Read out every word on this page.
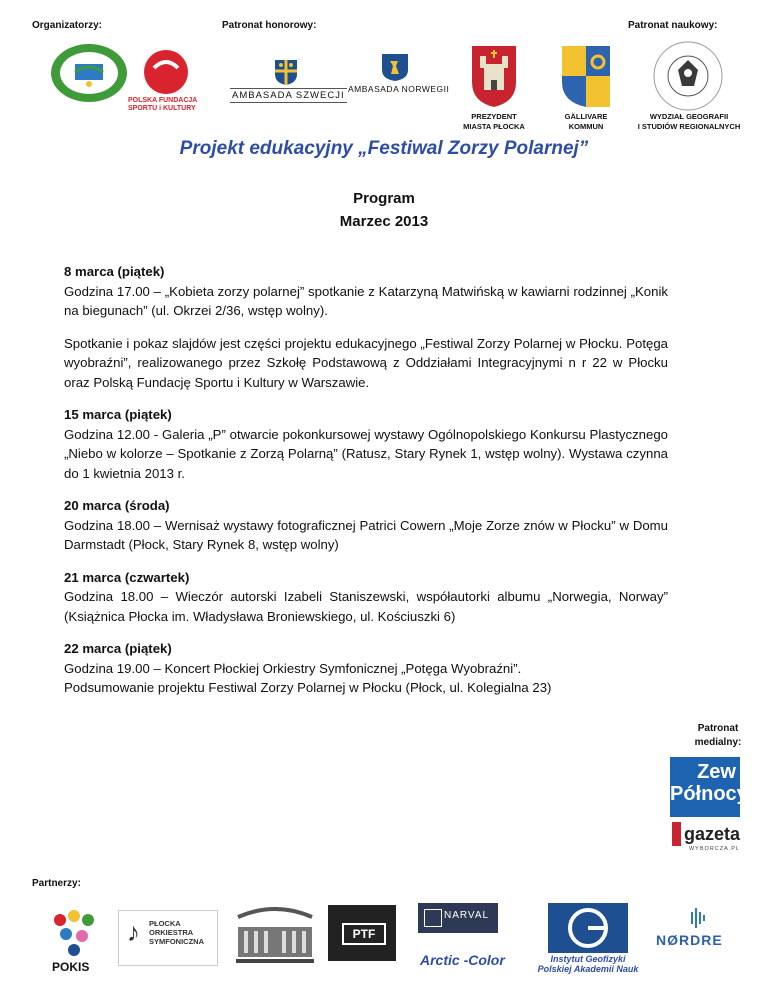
Organizatorzy:	Patronat honorowy:	Patronat naukowy:
POLSKA FUNDACJA
SPORTU i KULTURY
AMBASADA SZWECJI
AMBASADA NORWEGII
PREZYDENT
MIASTA PŁOCKA
GÄLLIVARE
KOMMUN
WYDZIAŁ GEOGRAFII
I STUDIÓW REGIONALNYCH
Projekt edukacyjny „Festiwal Zorzy Polarnej”
Program
Marzec 2013
8 marca (piątek)

Godzina 17.00 – „Kobieta zorzy polarnej” spotkanie z Katarzyną Matwińską w kawiarni rodzinnej „Konik na biegunach” (ul. Okrzei 2/36, wstęp wolny).

Spotkanie i pokaz slajdów jest części projektu edukacyjnego „Festiwal Zorzy Polarnej w Płocku. Potęga wyobraźni”, realizowanego przez Szkołę Podstawową z Oddziałami Integracyjnymi n r 22 w Płocku oraz Polską Fundację Sportu i Kultury w Warszawie.

15 marca (piątek)

Godzina 12.00 - Galeria „P” otwarcie pokonkursowej wystawy Ogólnopolskiego Konkursu Plastycznego „Niebo w kolorze – Spotkanie z Zorzą Polarną” (Ratusz, Stary Rynek 1, wstęp wolny). Wystawa czynna do 1 kwietnia 2013 r.

20 marca (środa)

Godzina 18.00 – Wernisaż wystawy fotograficznej Patrici Cowern „Moje Zorze znów w Płocku” w Domu Darmstadt (Płock, Stary Rynek 8, wstęp wolny)

21 marca (czwartek)

Godzina 18.00 – Wieczór autorski Izabeli Staniszewski, współautorki albumu „Norwegia, Norway” (Książnica Płocka im. Władysława Broniewskiego, ul. Kościuszki 6)

22 marca (piątek)

Godzina 19.00 – Koncert Płockiej Orkiestry Symfonicznej „Potęga Wyobraźni”.

Podsumowanie projektu Festiwal Zorzy Polarnej w Płocku (Płock, ul. Kolegialna 23)

Patronat medialny:
Zew Północy
gazeta
WYBORCZA.PL
Partnerzy:
POKIS
♪ PŁOCKA
ORKIESTRA
SYMFONICZNA
PTF
NARVAL
Arctic -Color	Instytut Geofizyki
Polskiej Akademii Nauk
NØRDRE
